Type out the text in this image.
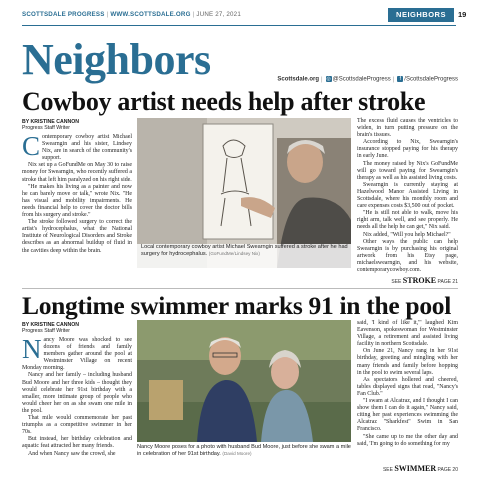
SCOTTSDALE PROGRESS | WWW.SCOTTSDALE.ORG | JUNE 27, 2021	NEIGHBORS	19
Neighbors	Scottsdale.org | ◎ @ScottsdaleProgress | f /ScottsdaleProgress
Cowboy artist needs help after stroke
BY KRISTINE CANNON
Progress Staff Writer

Contemporary cowboy artist Michael Swearngin and his sister, Lindsey Nix, are in search of the community's support.

Nix set up a GoFundMe on May 30 to raise money for Swearngin, who recently suffered a stroke that left him paralyzed on his right side.

"He makes his living as a painter and now he can barely move or talk," wrote Nix. "He has visual and mobility impairments. He needs financial help to cover the doctor bills from his surgery and stroke."

The stroke followed surgery to correct the artist's hydrocephalus, what the National Institute of Neurological Disorders and Stroke describes as an abnormal buildup of fluid in the cavities deep within the brain.

Local contemporary cowboy artist Michael Swearngin suffered a stroke after he had surgery for hydrocephalus. (GoFundMe/Lindsey Nix)

The excess fluid causes the ventricles to widen, in turn putting pressure on the brain's tissues.

According to Nix, Swearngin's insurance stopped paying for his therapy in early June.

The money raised by Nix's GoFundMe will go toward paying for Swearngin's therapy as well as his assisted living costs.

Swearngin is currently staying at Hazelwood Manor Assisted Living in Scottsdale, where his monthly room and care expenses costs $3,500 out of pocket.

"He is still not able to walk, move his right arm, talk well, and see properly. He needs all the help he can get," Nix said.

Nix added, "Will you help Michael?"

Other ways the public can help Swearngin is by purchasing his original artwork from his Etsy page, michaelswearngin, and his website, contemporarycowboy.com.

SEE STROKE PAGE 21
Longtime swimmer marks 91 in the pool
BY KRISTINE CANNON
Progress Staff Writer

Nancy Moore was shocked to see dozens of friends and family members gather around the pool at Westminster Village on recent Monday morning.

Nancy and her family – including husband Bud Moore and her three kids – thought they would celebrate her 91st birthday with a smaller, more intimate group of people who would cheer her on as she swam one mile in the pool.

That mile would commemorate her past triumphs as a competitive swimmer in her 70s.

But instead, her birthday celebration and aquatic feat attracted her many friends.

And when Nancy saw the crowd, she

Nancy Moore poses for a photo with husband Bud Moore, just before she swam a mile in celebration of her 91st birthday. (David Moore)

said, 'I kind of like it,'" laughed Kim Eavenson, spokeswoman for Westminster Village, a retirement and assisted living facility in northern Scottsdale.

On June 21, Nancy rang in her 91st birthday, greeting and mingling with her many friends and family before hopping in the pool to swim several laps.

As spectators hollered and cheered, tables displayed signs that read, "Nancy's Fan Club."

"I swam at Alcatraz, and I thought I can show them I can do it again," Nancy said, citing her past experiences swimming the Alcatraz "Sharkfest" Swim in San Francisco.

"She came up to me the other day and said, 'I'm going to do something for my

SEE SWIMMER PAGE 20
